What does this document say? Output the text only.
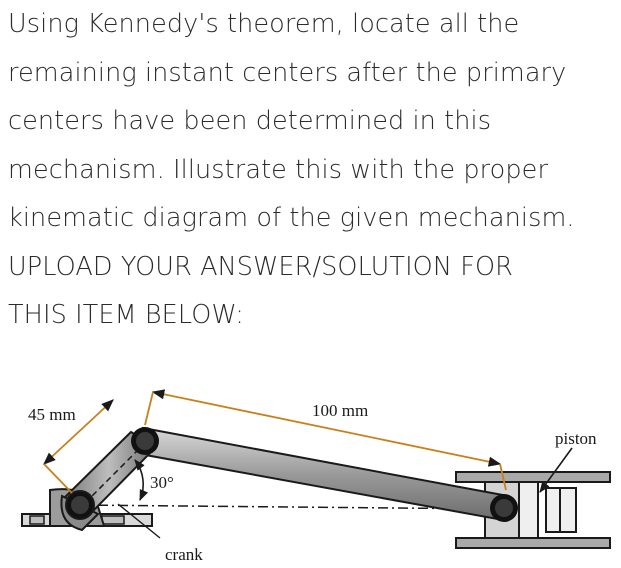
Using Kennedy's theorem, locate all the
remaining instant centers after the primary
centers have been determined in this
mechanism. Illustrate this with the proper
kinematic diagram of the given mechanism.
UPLOAD YOUR ANSWER/SOLUTION FOR
THIS ITEM BELOW:
45 mm	100 mm
30°
piston
crank
